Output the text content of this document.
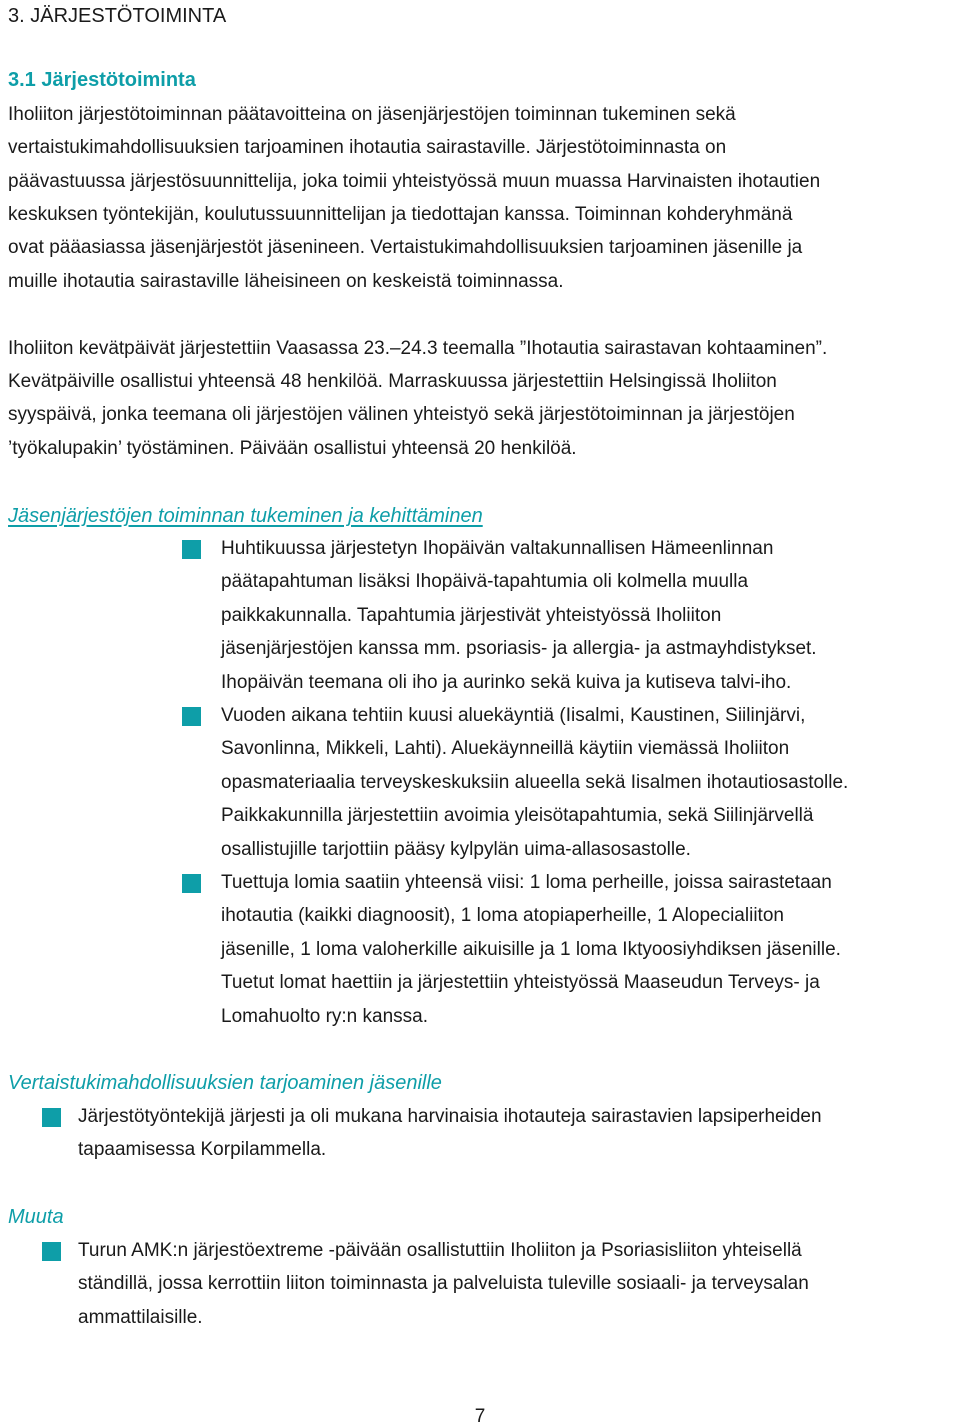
3. JÄRJESTÖTOIMINTA
3.1 Järjestötoiminta
Iholiiton järjestötoiminnan päätavoitteina on jäsenjärjestöjen toiminnan tukeminen sekä
vertaistukimahdollisuuksien tarjoaminen ihotautia sairastaville. Järjestötoiminnasta on
päävastuussa järjestösuunnittelija, joka toimii yhteistyössä muun muassa Harvinaisten ihotautien
keskuksen työntekijän, koulutussuunnittelijan ja tiedottajan kanssa. Toiminnan kohderyhmänä
ovat pääasiassa jäsenjärjestöt jäsenineen. Vertaistukimahdollisuuksien tarjoaminen jäsenille ja
muille ihotautia sairastaville läheisineen on keskeistä toiminnassa.
Iholiiton kevätpäivät järjestettiin Vaasassa 23.–24.3 teemalla ”Ihotautia sairastavan kohtaaminen”.
Kevätpäiville osallistui yhteensä 48 henkilöä. Marraskuussa järjestettiin Helsingissä Iholiiton
syyspäivä, jonka teemana oli järjestöjen välinen yhteistyö sekä järjestötoiminnan ja järjestöjen
’työkalupakin’ työstäminen. Päivään osallistui yhteensä 20 henkilöä.
Jäsenjärjestöjen toiminnan tukeminen ja kehittäminen
Huhtikuussa järjestetyn Ihopäivän valtakunnallisen Hämeenlinnan
päätapahtuman lisäksi Ihopäivä-tapahtumia oli kolmella muulla
paikkakunnalla. Tapahtumia järjestivät yhteistyössä Iholiiton
jäsenjärjestöjen kanssa mm. psoriasis- ja allergia- ja astmayhdistykset.
Ihopäivän teemana oli iho ja aurinko sekä kuiva ja kutiseva talvi-iho.
Vuoden aikana tehtiin kuusi aluekäyntiä (Iisalmi, Kaustinen, Siilinjärvi,
Savonlinna, Mikkeli, Lahti). Aluekäynneillä käytiin viemässä Iholiiton
opasmateriaalia terveyskeskuksiin alueella sekä Iisalmen ihotautiosastolle.
Paikkakunnilla järjestettiin avoimia yleisötapahtumia, sekä Siilinjärvellä
osallistujille tarjottiin pääsy kylpylän uima-allasosastolle.
Tuettuja lomia saatiin yhteensä viisi: 1 loma perheille, joissa sairastetaan
ihotautia (kaikki diagnoosit), 1 loma atopiaperheille, 1 Alopecialiiton
jäsenille, 1 loma valoherkille aikuisille ja 1 loma Iktyoosiyhdiksen jäsenille.
Tuetut lomat haettiin ja järjestettiin yhteistyössä Maaseudun Terveys- ja
Lomahuolto ry:n kanssa.
Vertaistukimahdollisuuksien tarjoaminen jäsenille
Järjestötyöntekijä järjesti ja oli mukana harvinaisia ihotauteja sairastavien lapsiperheiden
tapaamisessa Korpilammella.
Muuta
Turun AMK:n järjestöextreme -päivään osallistuttiin Iholiiton ja Psoriasisliiton yhteisellä
ständillä, jossa kerrottiin liiton toiminnasta ja palveluista tuleville sosiaali- ja terveysalan
ammattilaisille.
7
